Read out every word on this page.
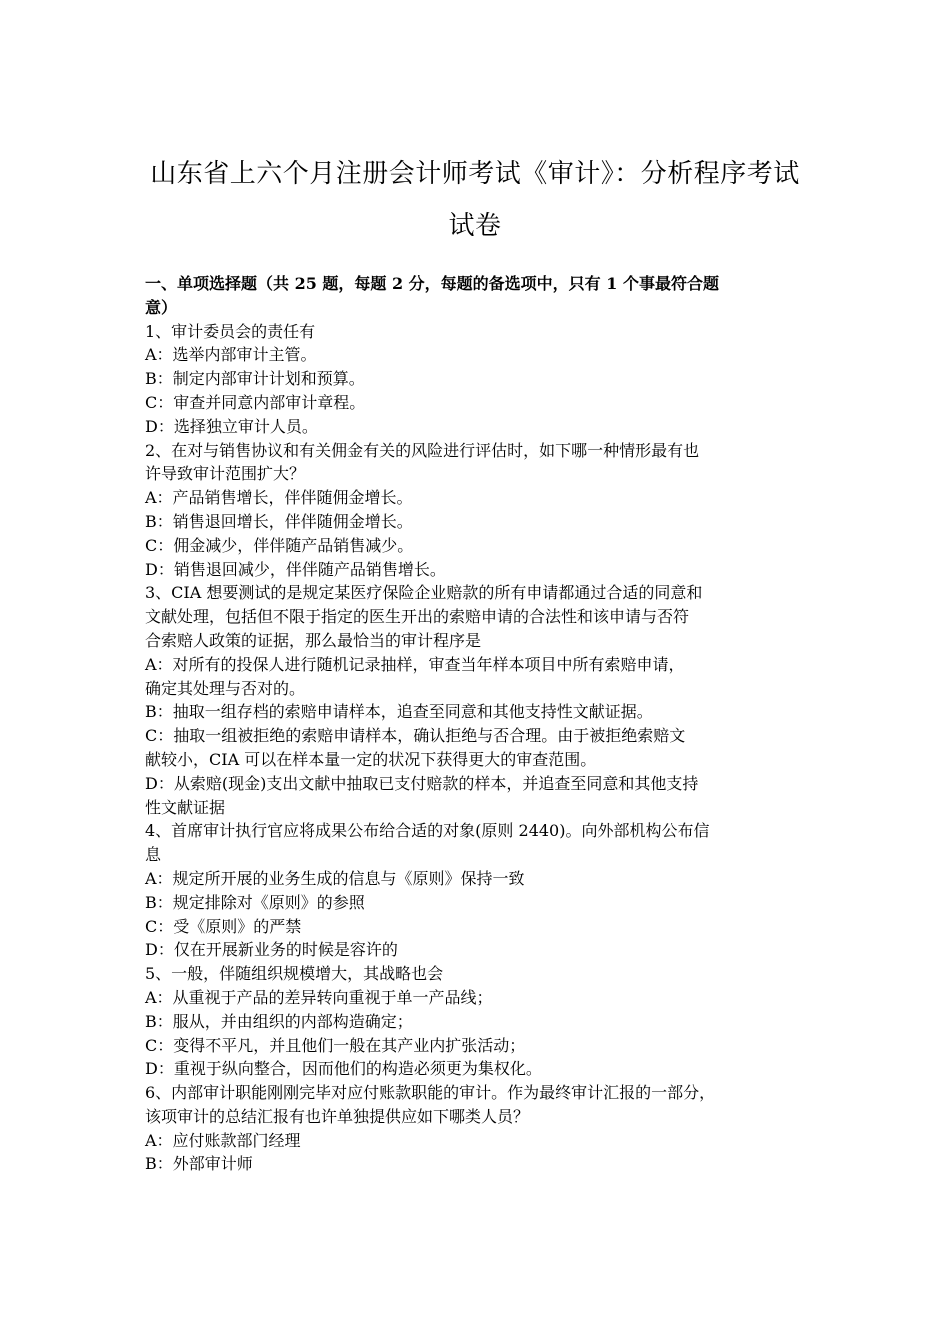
山东省上六个月注册会计师考试《审计》：分析程序考试
试卷
一、单项选择题（共 25 题，每题 2 分，每题的备选项中，只有 1 个事最符合题
意）
1、审计委员会的责任有
A：选举内部审计主管。
B：制定内部审计计划和预算。
C：审查并同意内部审计章程。
D：选择独立审计人员。
2、在对与销售协议和有关佣金有关的风险进行评估时，如下哪一种情形最有也
许导致审计范围扩大？
A：产品销售增长，伴伴随佣金增长。
B：销售退回增长，伴伴随佣金增长。
C：佣金减少，伴伴随产品销售减少。
D：销售退回减少，伴伴随产品销售增长。
3、CIA 想要测试的是规定某医疗保险企业赔款的所有申请都通过合适的同意和
文献处理，包括但不限于指定的医生开出的索赔申请的合法性和该申请与否符
合索赔人政策的证据，那么最恰当的审计程序是
A：对所有的投保人进行随机记录抽样，审查当年样本项目中所有索赔申请，
确定其处理与否对的。
B：抽取一组存档的索赔申请样本，追查至同意和其他支持性文献证据。
C：抽取一组被拒绝的索赔申请样本，确认拒绝与否合理。由于被拒绝索赔文
献较小，CIA 可以在样本量一定的状况下获得更大的审查范围。
D：从索赔(现金)支出文献中抽取已支付赔款的样本，并追查至同意和其他支持
性文献证据
4、首席审计执行官应将成果公布给合适的对象(原则 2440)。向外部机构公布信
息
A：规定所开展的业务生成的信息与《原则》保持一致
B：规定排除对《原则》的参照
C：受《原则》的严禁
D：仅在开展新业务的时候是容许的
5、一般，伴随组织规模增大，其战略也会
A：从重视于产品的差异转向重视于单一产品线；
B：服从，并由组织的内部构造确定；
C：变得不平凡，并且他们一般在其产业内扩张活动；
D：重视于纵向整合，因而他们的构造必须更为集权化。
6、内部审计职能刚刚完毕对应付账款职能的审计。作为最终审计汇报的一部分，
该项审计的总结汇报有也许单独提供应如下哪类人员？
A：应付账款部门经理
B：外部审计师
